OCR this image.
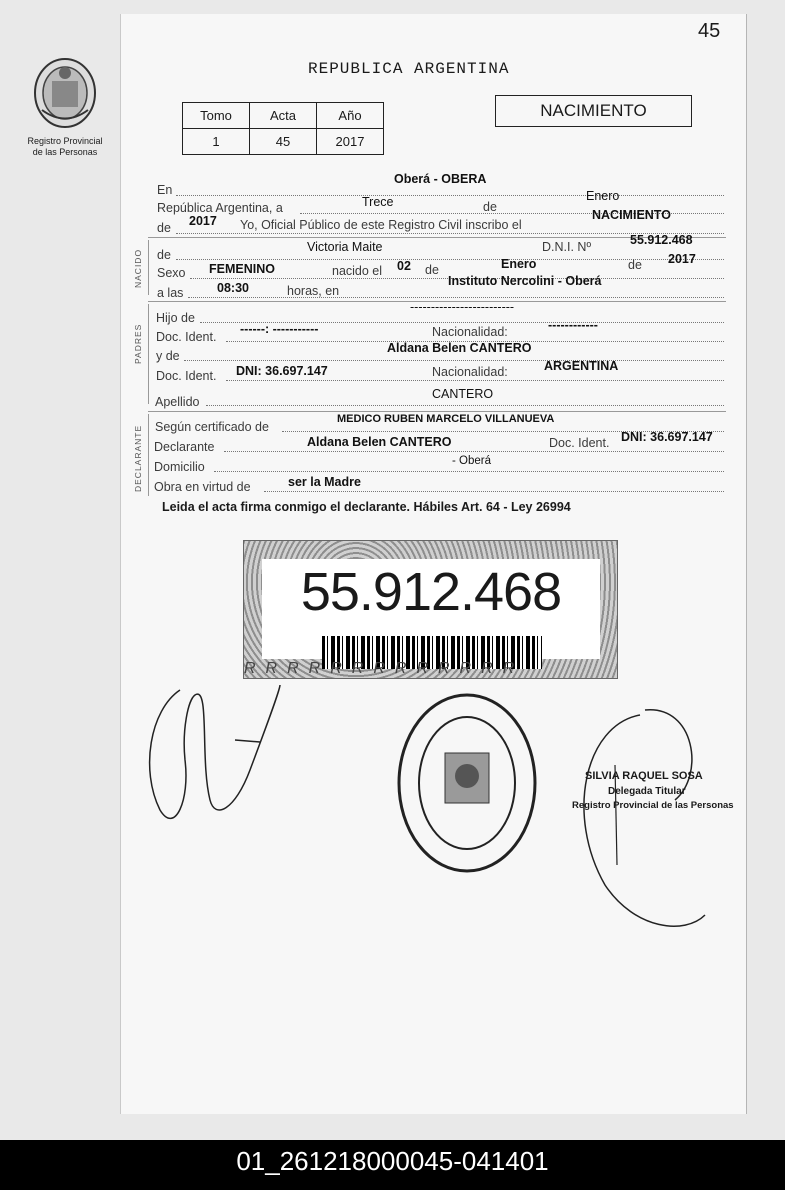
45
Registro Provincial
de las Personas
REPUBLICA ARGENTINA
Tomo	Acta	Año
1	45	2017
NACIMIENTO
En
Oberá - OBERA
República Argentina, a	Trece	de
Enero
de 2017 Yo, Oficial Público de este Registro Civil inscribo el
NACIMIENTO
NACIDO de
Victoria Maite	D.N.I. Nº	55.912.468
Sexo FEMENINO	nacido el 02 de	Enero	de 2017
a las	08:30	horas, en
Instituto Nercolini - Oberá
PADRES
Hijo de
-------------------------
Doc. Ident.
------: -----------	Nacionalidad:	------------
y de
Aldana Belen CANTERO
Doc. Ident. DNI: 36.697.147	Nacionalidad:	ARGENTINA
Apellido
CANTERO
DECLARANTE Según certificado de
MEDICO RUBEN MARCELO VILLANUEVA
Declarante	Aldana Belen CANTERO	Doc. Ident. DNI: 36.697.147
Domicilio	- Oberá
Obra en virtud de	ser la Madre
Leida el acta firma conmigo el declarante. Hábiles Art. 64 - Ley 26994
55.912.468
RRRRRRRRRRRRR
SILVIA RAQUEL SOSA
Delegada Titular
Registro Provincial de las Personas
01_261218000045-041401
